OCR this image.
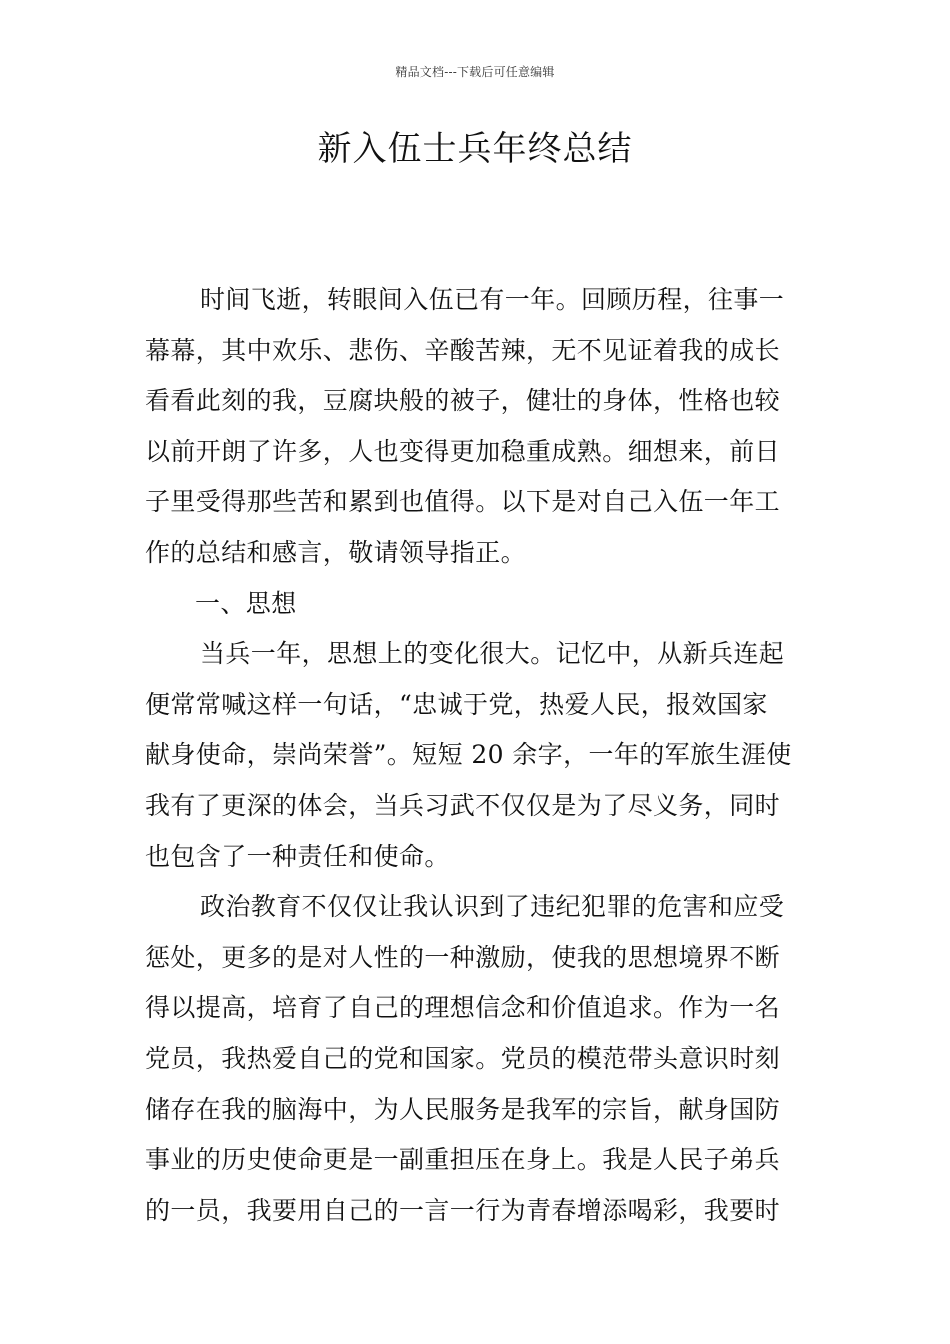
精品文档---下载后可任意编辑
新入伍士兵年终总结
时间飞逝，转眼间入伍已有一年。回顾历程，往事一
幕幕，其中欢乐、悲伤、辛酸苦辣，无不见证着我的成长
看看此刻的我，豆腐块般的被子，健壮的身体，性格也较
以前开朗了许多，人也变得更加稳重成熟。细想来，前日
子里受得那些苦和累到也值得。以下是对自己入伍一年工
作的总结和感言，敬请领导指正。
一、思想
当兵一年，思想上的变化很大。记忆中，从新兵连起
便常常喊这样一句话，“忠诚于党，热爱人民，报效国家
献身使命，崇尚荣誉”。短短 20 余字，一年的军旅生涯使
我有了更深的体会，当兵习武不仅仅是为了尽义务，同时
也包含了一种责任和使命。
政治教育不仅仅让我认识到了违纪犯罪的危害和应受
惩处，更多的是对人性的一种激励，使我的思想境界不断
得以提高，培育了自己的理想信念和价值追求。作为一名
党员，我热爱自己的党和国家。党员的模范带头意识时刻
储存在我的脑海中，为人民服务是我军的宗旨，献身国防
事业的历史使命更是一副重担压在身上。我是人民子弟兵
的一员，我要用自己的一言一行为青春增添喝彩，我要时
